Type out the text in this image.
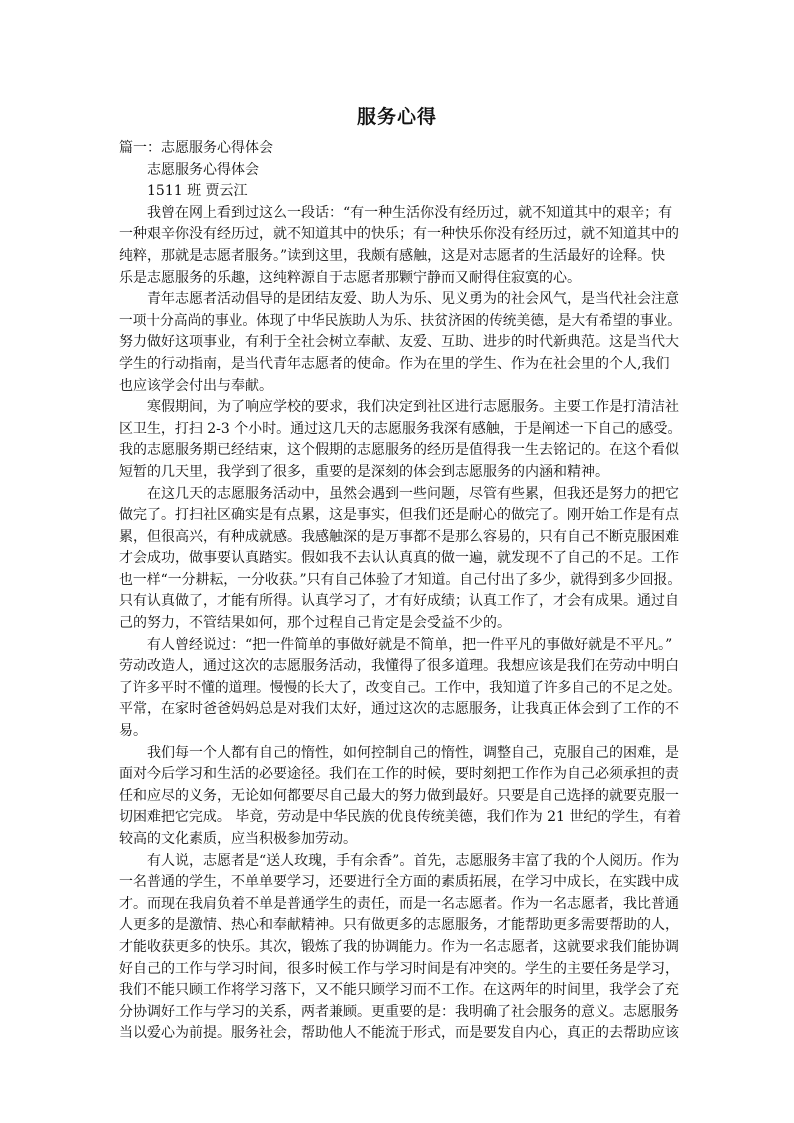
服务心得
篇一：志愿服务心得体会
志愿服务心得体会
1511 班 贾云江
我曾在网上看到过这么一段话：“有一种生活你没有经历过，就不知道其中的艰辛；有
一种艰辛你没有经历过，就不知道其中的快乐；有一种快乐你没有经历过，就不知道其中的
纯粹，那就是志愿者服务。”读到这里，我颇有感触，这是对志愿者的生活最好的诠释。快
乐是志愿服务的乐趣，这纯粹源自于志愿者那颗宁静而又耐得住寂寞的心。
青年志愿者活动倡导的是团结友爱、助人为乐、见义勇为的社会风气，是当代社会注意
一项十分高尚的事业。体现了中华民族助人为乐、扶贫济困的传统美德，是大有希望的事业。
努力做好这项事业，有利于全社会树立奉献、友爱、互助、进步的时代新典范。这是当代大
学生的行动指南，是当代青年志愿者的使命。作为在里的学生、作为在社会里的个人,我们
也应该学会付出与奉献。
寒假期间，为了响应学校的要求，我们决定到社区进行志愿服务。主要工作是打清洁社
区卫生，打扫 2-3 个小时。通过这几天的志愿服务我深有感触，于是阐述一下自己的感受。
我的志愿服务期已经结束，这个假期的志愿服务的经历是值得我一生去铭记的。在这个看似
短暂的几天里，我学到了很多，重要的是深刻的体会到志愿服务的内涵和精神。
在这几天的志愿服务活动中，虽然会遇到一些问题，尽管有些累，但我还是努力的把它
做完了。打扫社区确实是有点累，这是事实，但我们还是耐心的做完了。刚开始工作是有点
累，但很高兴，有种成就感。我感触深的是万事都不是那么容易的，只有自己不断克服困难
才会成功，做事要认真踏实。假如我不去认认真真的做一遍，就发现不了自己的不足。工作
也一样“一分耕耘，一分收获。”只有自己体验了才知道。自己付出了多少，就得到多少回报。
只有认真做了，才能有所得。认真学习了，才有好成绩；认真工作了，才会有成果。通过自
己的努力，不管结果如何，那个过程自己肯定是会受益不少的。
有人曾经说过：“把一件简单的事做好就是不简单，把一件平凡的事做好就是不平凡。”
劳动改造人，通过这次的志愿服务活动，我懂得了很多道理。我想应该是我们在劳动中明白
了许多平时不懂的道理。慢慢的长大了，改变自己。工作中，我知道了许多自己的不足之处。
平常，在家时爸爸妈妈总是对我们太好，通过这次的志愿服务，让我真正体会到了工作的不
易。
我们每一个人都有自己的惰性，如何控制自己的惰性，调整自己，克服自己的困难，是
面对今后学习和生活的必要途径。我们在工作的时候，要时刻把工作作为自己必须承担的责
任和应尽的义务，无论如何都要尽自己最大的努力做到最好。只要是自己选择的就要克服一
切困难把它完成。 毕竟，劳动是中华民族的优良传统美德，我们作为 21 世纪的学生，有着
较高的文化素质，应当积极参加劳动。
有人说，志愿者是“送人玫瑰，手有余香”。首先，志愿服务丰富了我的个人阅历。作为
一名普通的学生，不单单要学习，还要进行全方面的素质拓展，在学习中成长，在实践中成
才。而现在我肩负着不单是普通学生的责任，而是一名志愿者。作为一名志愿者，我比普通
人更多的是激情、热心和奉献精神。只有做更多的志愿服务，才能帮助更多需要帮助的人，
才能收获更多的快乐。其次，锻炼了我的协调能力。作为一名志愿者，这就要求我们能协调
好自己的工作与学习时间，很多时候工作与学习时间是有冲突的。学生的主要任务是学习，
我们不能只顾工作将学习落下，又不能只顾学习而不工作。在这两年的时间里，我学会了充
分协调好工作与学习的关系，两者兼顾。更重要的是：我明确了社会服务的意义。志愿服务
当以爱心为前提。服务社会，帮助他人不能流于形式，而是要发自内心，真正的去帮助应该
